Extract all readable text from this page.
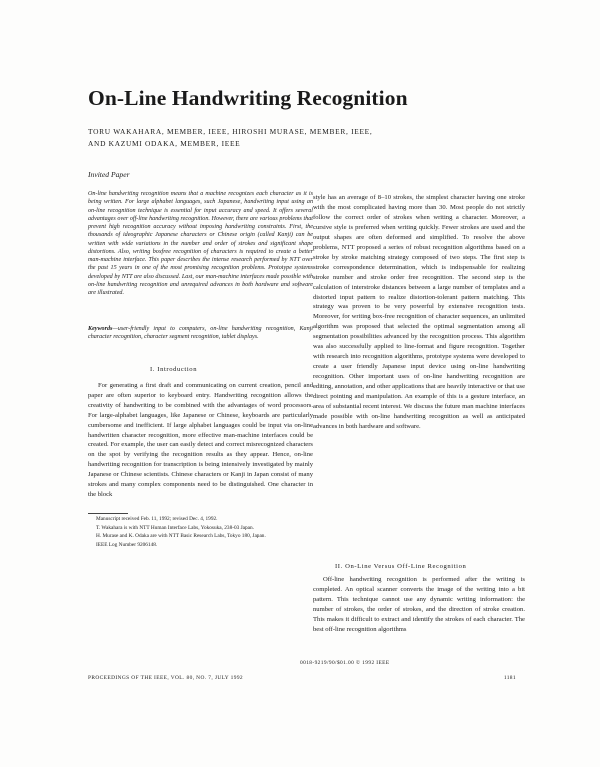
On-Line Handwriting Recognition
TORU WAKAHARA, MEMBER, IEEE, HIROSHI MURASE, MEMBER, IEEE,
AND KAZUMI ODAKA, MEMBER, IEEE
Invited Paper
On-line handwriting recognition means that a machine recognizes each character as it is being written. For large alphabet languages, such Japanese, handwriting input using an on-line recognition technique is essential for input accuracy and speed. It offers several advantages over off-line handwriting recognition. However, there are various problems that prevent high recognition accuracy without imposing handwriting constraints. First, the thousands of ideographic Japanese characters or Chinese origin (called Kanji) can be written with wide variations in the number and order of strokes and significant shape distortions. Also, writing boxfree recognition of characters is required to create a better man-machine interface. This paper describes the intense research performed by NTT over the past 15 years in one of the most promising recognition problems. Prototype systems developed by NTT are also discussed. Last, our man-machine interfaces made possible with on-line handwriting recognition and unrequired advances in both hardware and software are illustrated.
Keywords—user-friendly input to computers, on-line handwriting recognition, Kanji character recognition, character segment recognition, tablet displays.
I. Introduction

For generating a first draft and communicating on current creation, pencil and paper are often superior to keyboard entry. Handwriting recognition allows the creativity of handwriting to be combined with the advantages of word processors. For large-alphabet languages, like Japanese or Chinese, keyboards are particularly cumbersome and inefficient. If large alphabet languages could be input via on-line handwritten character recognition, more effective man-machine interfaces could be created. For example, the user can easily detect and correct misrecognized characters on the spot by verifying the recognition results as they appear. Hence, on-line handwriting recognition for transcription is being intensively investigated by mainly Japanese or Chinese scientists. Chinese characters or Kanji in Japan consist of many strokes and many complex components need to be distinguished. One character in the block

Manuscript received Feb. 11, 1992; revised Dec. 4, 1992.

T. Wakahara is with NTT Human Interface Labs, Yokosuka, 238-03 Japan.

H. Murase and K. Odaka are with NTT Basic Research Labs, Tokyo 180, Japan.

IEEE Log Number 9206148.

style has an average of 8–10 strokes, the simplest character having one stroke with the most complicated having more than 30. Most people do not strictly follow the correct order of strokes when writing a character. Moreover, a cursive style is preferred when writing quickly. Fewer strokes are used and the output shapes are often deformed and simplified. To resolve the above problems, NTT proposed a series of robust recognition algorithms based on a stroke by stroke matching strategy composed of two steps. The first step is stroke correspondence determination, which is indispensable for realizing stroke number and stroke order free recognition. The second step is the calculation of interstroke distances between a large number of templates and a distorted input pattern to realize distortion-tolerant pattern matching. This strategy was proven to be very powerful by extensive recognition tests. Moreover, for writing box-free recognition of character sequences, an unlimited algorithm was proposed that selected the optimal segmentation among all segmentation possibilities advanced by the recognition process. This algorithm was also successfully applied to line-format and figure recognition. Together with research into recognition algorithms, prototype systems were developed to create a user friendly Japanese input device using on-line handwriting recognition. Other important uses of on-line handwriting recognition are editing, annotation, and other applications that are heavily interactive or that use direct pointing and manipulation. An example of this is a gesture interface, an area of substantial recent interest. We discuss the future man machine interfaces made possible with on-line handwriting recognition as well as anticipated advances in both hardware and software.

II. On-Line Versus Off-Line Recognition

Off-line handwriting recognition is performed after the writing is completed. An optical scanner converts the image of the writing into a bit pattern. This technique cannot use any dynamic writing information: the number of strokes, the order of strokes, and the direction of stroke creation. This makes it difficult to extract and identify the strokes of each character. The best off-line recognition algorithms

0018-9219/90/$01.00 © 1992 IEEE
PROCEEDINGS OF THE IEEE, VOL. 80, NO. 7, JULY 1992	1181
